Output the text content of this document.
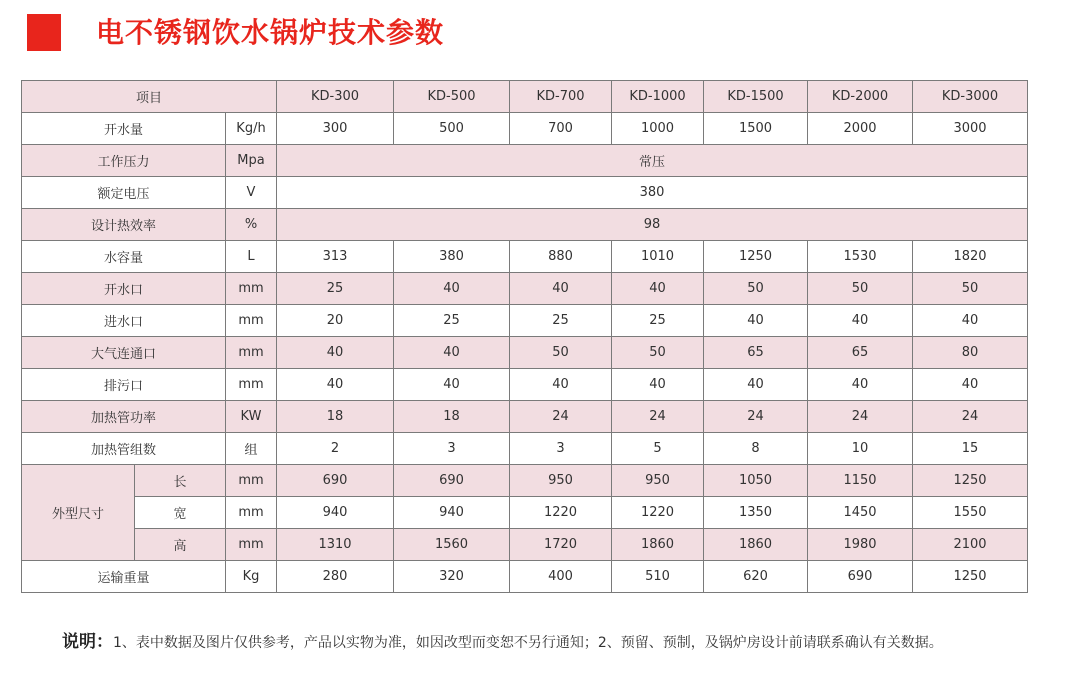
电不锈钢饮水锅炉技术参数
项目			KD-300	KD-500	KD-700	KD-1000	KD-1500	KD-2000	KD-3000
开水量		Kg/h	300	500	700	1000	1500	2000	3000
工作压力		Mpa	常压						
额定电压		V	380						
设计热效率		%	98						
水容量		L	313	380	880	1010	1250	1530	1820
开水口		mm	25	40	40	40	50	50	50
进水口		mm	20	25	25	25	40	40	40
大气连通口		mm	40	40	50	50	65	65	80
排污口		mm	40	40	40	40	40	40	40
加热管功率		KW	18	18	24	24	24	24	24
加热管组数		组	2	3	3	5	8	10	15
外型尺寸	长	mm	690	690	950	950	1050	1150	1250
	宽	mm	940	940	1220	1220	1350	1450	1550
	高	mm	1310	1560	1720	1860	1860	1980	2100
运输重量		Kg	280	320	400	510	620	690	1250
说明：1、表中数据及图片仅供参考，产品以实物为准，如因改型而变恕不另行通知；2、预留、预制，及锅炉房设计前请联系确认有关数据。
